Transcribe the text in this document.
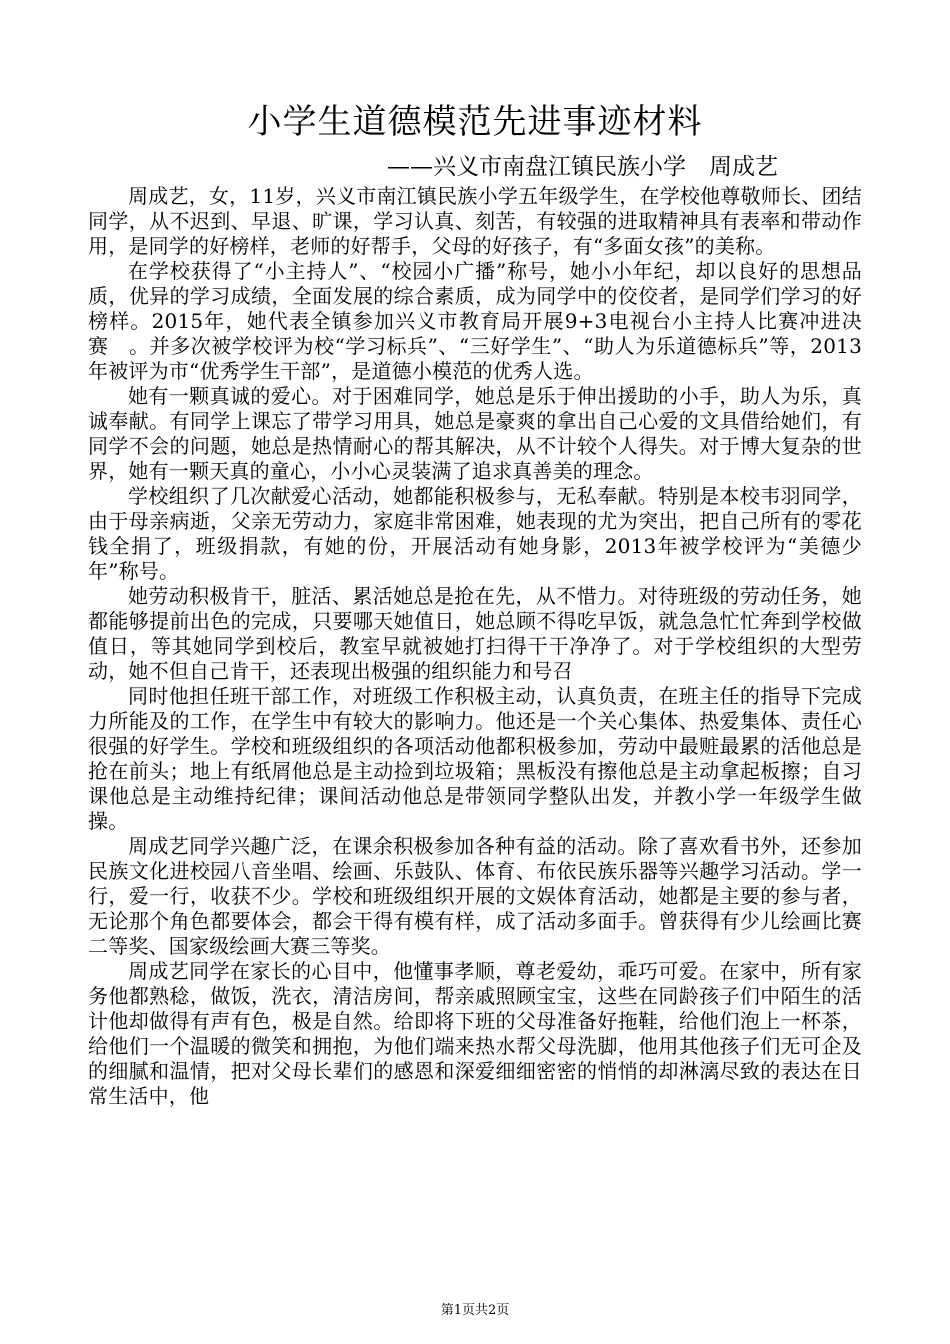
小学生道德模范先进事迹材料
——兴义市南盘江镇民族小学　周成艺

周成艺，女，11岁，兴义市南江镇民族小学五年级学生，在学校他尊敬师长、团结同学，从不迟到、早退、旷课，学习认真、刻苦，有较强的进取精神具有表率和带动作用，是同学的好榜样，老师的好帮手，父母的好孩子，有“多面女孩”的美称。

在学校获得了“小主持人”、“校园小广播”称号，她小小年纪，却以良好的思想品质，优异的学习成绩，全面发展的综合素质，成为同学中的佼佼者，是同学们学习的好榜样。2015年，她代表全镇参加兴义市教育局开展9+3电视台小主持人比赛冲进决赛　。并多次被学校评为校“学习标兵”、“三好学生”、“助人为乐道德标兵”等，2013年被评为市“优秀学生干部”，是道德小模范的优秀人选。

她有一颗真诚的爱心。对于困难同学，她总是乐于伸出援助的小手，助人为乐，真诚奉献。有同学上课忘了带学习用具，她总是豪爽的拿出自己心爱的文具借给她们，有同学不会的问题，她总是热情耐心的帮其解决，从不计较个人得失。对于博大复杂的世界，她有一颗天真的童心，小小心灵装满了追求真善美的理念。

学校组织了几次献爱心活动，她都能积极参与，无私奉献。特别是本校韦羽同学，由于母亲病逝，父亲无劳动力，家庭非常困难，她表现的尤为突出，把自己所有的零花钱全捐了，班级捐款，有她的份，开展活动有她身影，2013年被学校评为“美德少年”称号。

她劳动积极肯干，脏活、累活她总是抢在先，从不惜力。对待班级的劳动任务，她都能够提前出色的完成，只要哪天她值日，她总顾不得吃早饭，就急急忙忙奔到学校做值日，等其她同学到校后，教室早就被她打扫得干干净净了。对于学校组织的大型劳动，她不但自己肯干，还表现出极强的组织能力和号召

同时他担任班干部工作，对班级工作积极主动，认真负责，在班主任的指导下完成力所能及的工作，在学生中有较大的影响力。他还是一个关心集体、热爱集体、责任心很强的好学生。学校和班级组织的各项活动他都积极参加，劳动中最赃最累的活他总是抢在前头；地上有纸屑他总是主动捡到垃圾箱；黑板没有擦他总是主动拿起板擦；自习课他总是主动维持纪律；课间活动他总是带领同学整队出发，并教小学一年级学生做操。

周成艺同学兴趣广泛，在课余积极参加各种有益的活动。除了喜欢看书外，还参加民族文化进校园八音坐唱、绘画、乐鼓队、体育、布依民族乐器等兴趣学习活动。学一行，爱一行，收获不少。学校和班级组织开展的文娱体育活动，她都是主要的参与者，无论那个角色都要体会，都会干得有模有样，成了活动多面手。曾获得有少儿绘画比赛二等奖、国家级绘画大赛三等奖。

周成艺同学在家长的心目中，他懂事孝顺，尊老爱幼，乖巧可爱。在家中，所有家务他都熟稔，做饭，洗衣，清洁房间，帮亲戚照顾宝宝，这些在同龄孩子们中陌生的活计他却做得有声有色，极是自然。给即将下班的父母准备好拖鞋，给他们泡上一杯茶，给他们一个温暖的微笑和拥抱，为他们端来热水帮父母洗脚，他用其他孩子们无可企及的细腻和温情，把对父母长辈们的感恩和深爱细细密密的悄悄的却淋漓尽致的表达在日常生活中，他

第1页共2页
